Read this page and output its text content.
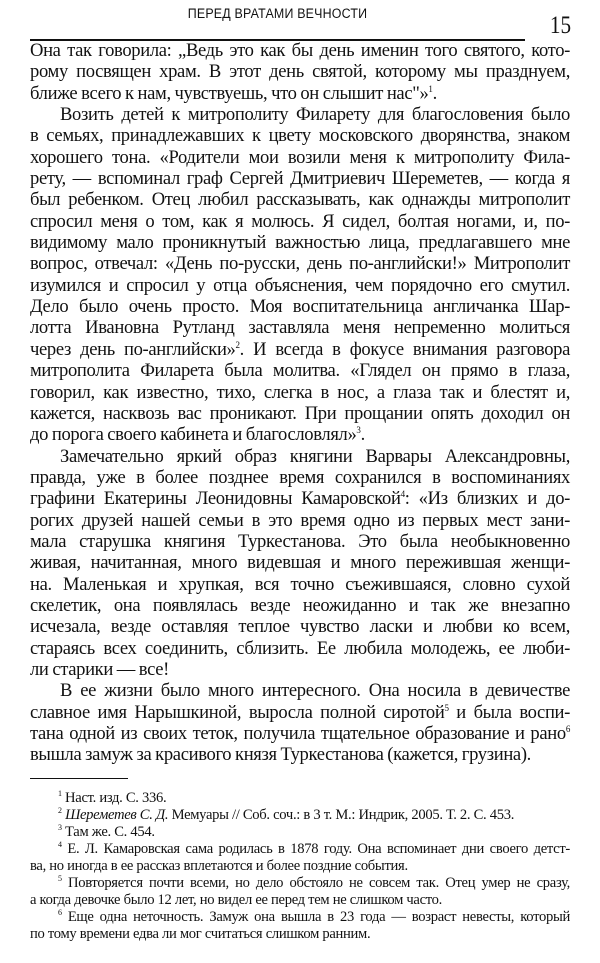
ПЕРЕД ВРАТАМИ ВЕЧНОСТИ	15
Она так говорила: „Ведь это как бы день именин того святого, кото-
рому посвящен храм. В этот день святой, которому мы празднуем,
ближе всего к нам, чувствуешь, что он слышит нас"»$^1$.
Возить детей к митрополиту Филарету для благословения было
в семьях, принадлежавших к цвету московского дворянства, знаком
хорошего тона. «Родители мои возили меня к митрополиту Фила-
рету, — вспоминал граф Сергей Дмитриевич Шереметев, — когда я
был ребенком. Отец любил рассказывать, как однажды митрополит
спросил меня о том, как я молюсь. Я сидел, болтая ногами, и, по-
видимому мало проникнутый важностью лица, предлагавшего мне
вопрос, отвечал: «День по-русски, день по-английски!» Митрополит
изумился и спросил у отца объяснения, чем порядочно его смутил.
Дело было очень просто. Моя воспитательница англичанка Шар-
лотта Ивановна Рутланд заставляла меня непременно молиться
через день по-английски»$^2$. И всегда в фокусе внимания разговора
митрополита Филарета была молитва. «Глядел он прямо в глаза,
говорил, как известно, тихо, слегка в нос, а глаза так и блестят и,
кажется, насквозь вас проникают. При прощании опять доходил он
до порога своего кабинета и благословлял»$^3$.
Замечательно яркий образ княгини Варвары Александровны,
правда, уже в более позднее время сохранился в воспоминаниях
графини Екатерины Леонидовны Камаровской$^4$: «Из близких и до-
рогих друзей нашей семьи в это время одно из первых мест зани-
мала старушка княгиня Туркестанова. Это была необыкновенно
живая, начитанная, много видевшая и много пережившая женщи-
на. Маленькая и хрупкая, вся точно съежившаяся, словно сухой
скелетик, она появлялась везде неожиданно и так же внезапно
исчезала, везде оставляя теплое чувство ласки и любви ко всем,
стараясь всех соединить, сблизить. Ее любила молодежь, ее люби-
ли старики — все!
В ее жизни было много интересного. Она носила в девичестве
славное имя Нарышкиной, выросла полной сиротой$^5$ и была воспи-
тана одной из своих теток, получила тщательное образование и рано$^6$
вышла замуж за красивого князя Туркестанова (кажется, грузина).
$^1$ Наст. изд. С. 336.
$^2$ Шереметев С. Д. Мемуары // Соб. соч.: в 3 т. М.: Индрик, 2005. Т. 2. С. 453.
$^3$ Там же. С. 454.
$^4$ Е. Л. Камаровская сама родилась в 1878 году. Она вспоминает дни своего детст-
ва, но иногда в ее рассказ вплетаются и более поздние события.
$^5$ Повторяется почти всеми, но дело обстояло не совсем так. Отец умер не сразу,
а когда девочке было 12 лет, но видел ее перед тем не слишком часто.
$^6$ Еще одна неточность. Замуж она вышла в 23 года — возраст невесты, который
по тому времени едва ли мог считаться слишком ранним.
